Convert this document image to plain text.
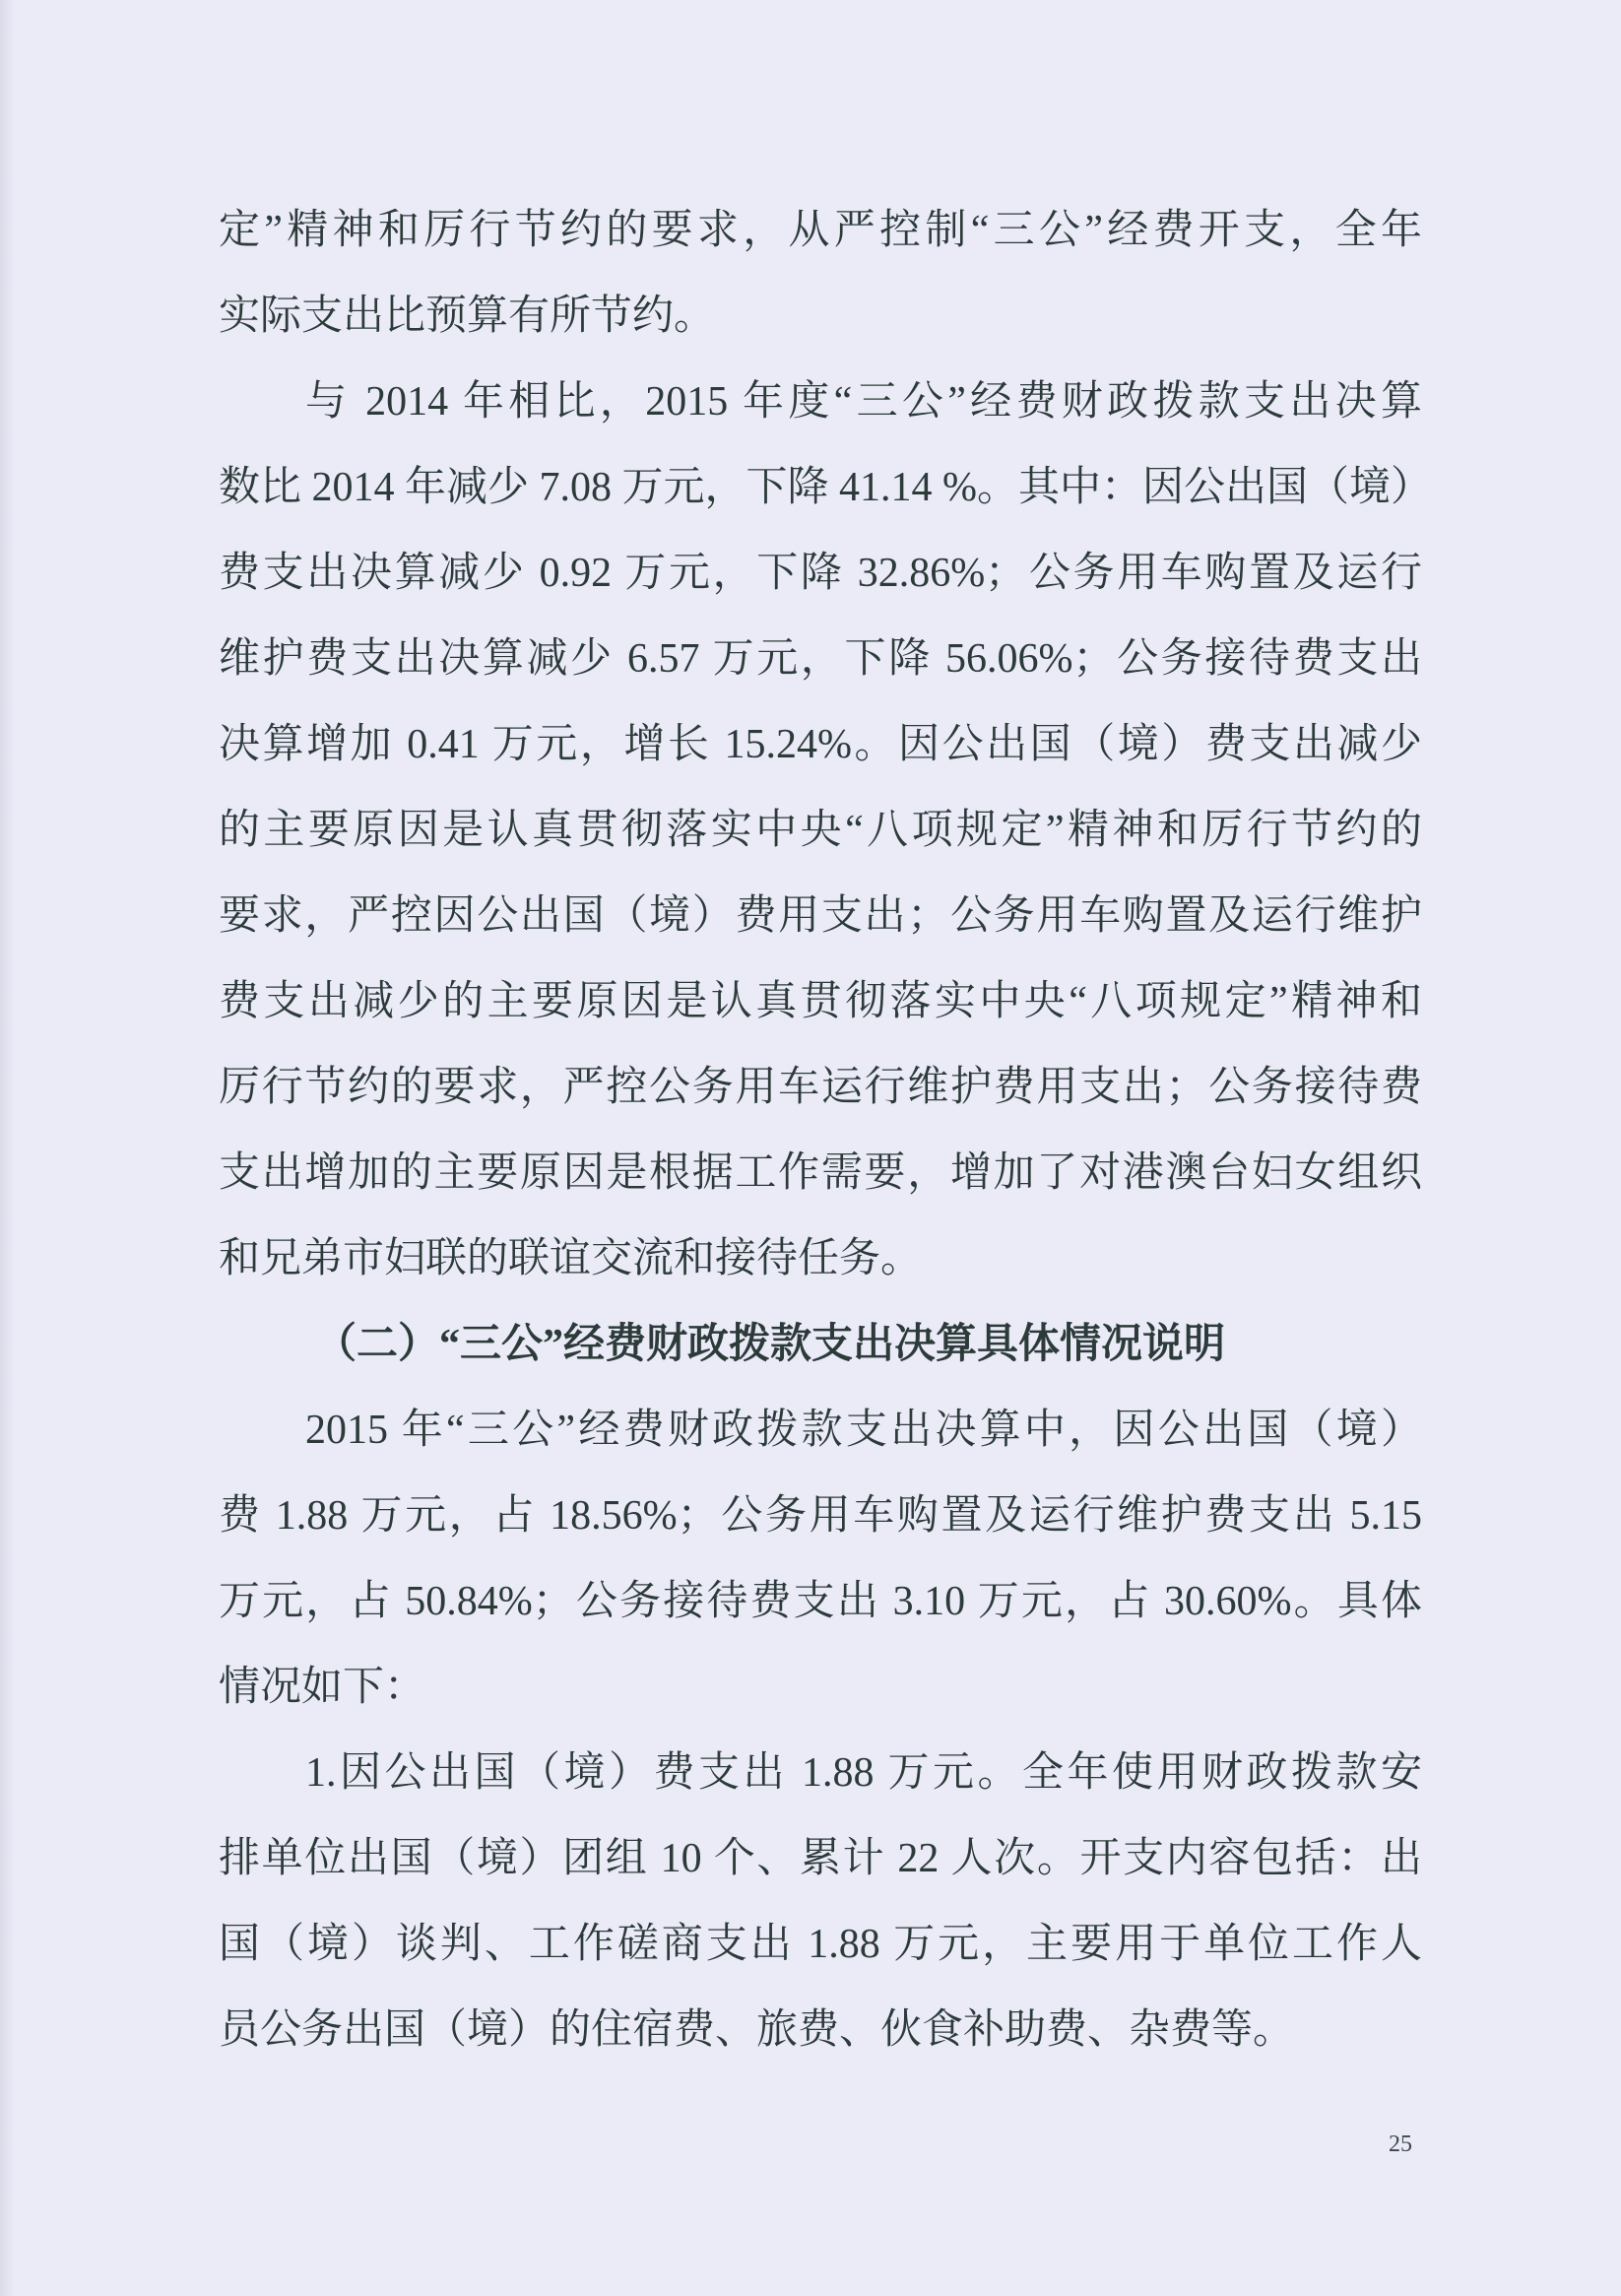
定”精神和厉行节约的要求，从严控制“三公”经费开支，全年
实际支出比预算有所节约。
与 2014 年相比，2015 年度“三公”经费财政拨款支出决算
数比 2014 年减少 7.08 万元，下降 41.14 %。其中：因公出国（境）
费支出决算减少 0.92 万元，下降 32.86%；公务用车购置及运行
维护费支出决算减少 6.57 万元，下降 56.06%；公务接待费支出
决算增加 0.41 万元，增长 15.24%。因公出国（境）费支出减少
的主要原因是认真贯彻落实中央“八项规定”精神和厉行节约的
要求，严控因公出国（境）费用支出；公务用车购置及运行维护
费支出减少的主要原因是认真贯彻落实中央“八项规定”精神和
厉行节约的要求，严控公务用车运行维护费用支出；公务接待费
支出增加的主要原因是根据工作需要，增加了对港澳台妇女组织
和兄弟市妇联的联谊交流和接待任务。
（二）“三公”经费财政拨款支出决算具体情况说明
2015 年“三公”经费财政拨款支出决算中，因公出国（境）
费 1.88 万元，占 18.56%；公务用车购置及运行维护费支出 5.15
万元，占 50.84%；公务接待费支出 3.10 万元，占 30.60%。具体
情况如下：
1.因公出国（境）费支出 1.88 万元。全年使用财政拨款安
排单位出国（境）团组 10 个、累计 22 人次。开支内容包括：出
国（境）谈判、工作磋商支出 1.88 万元，主要用于单位工作人
员公务出国（境）的住宿费、旅费、伙食补助费、杂费等。
25
